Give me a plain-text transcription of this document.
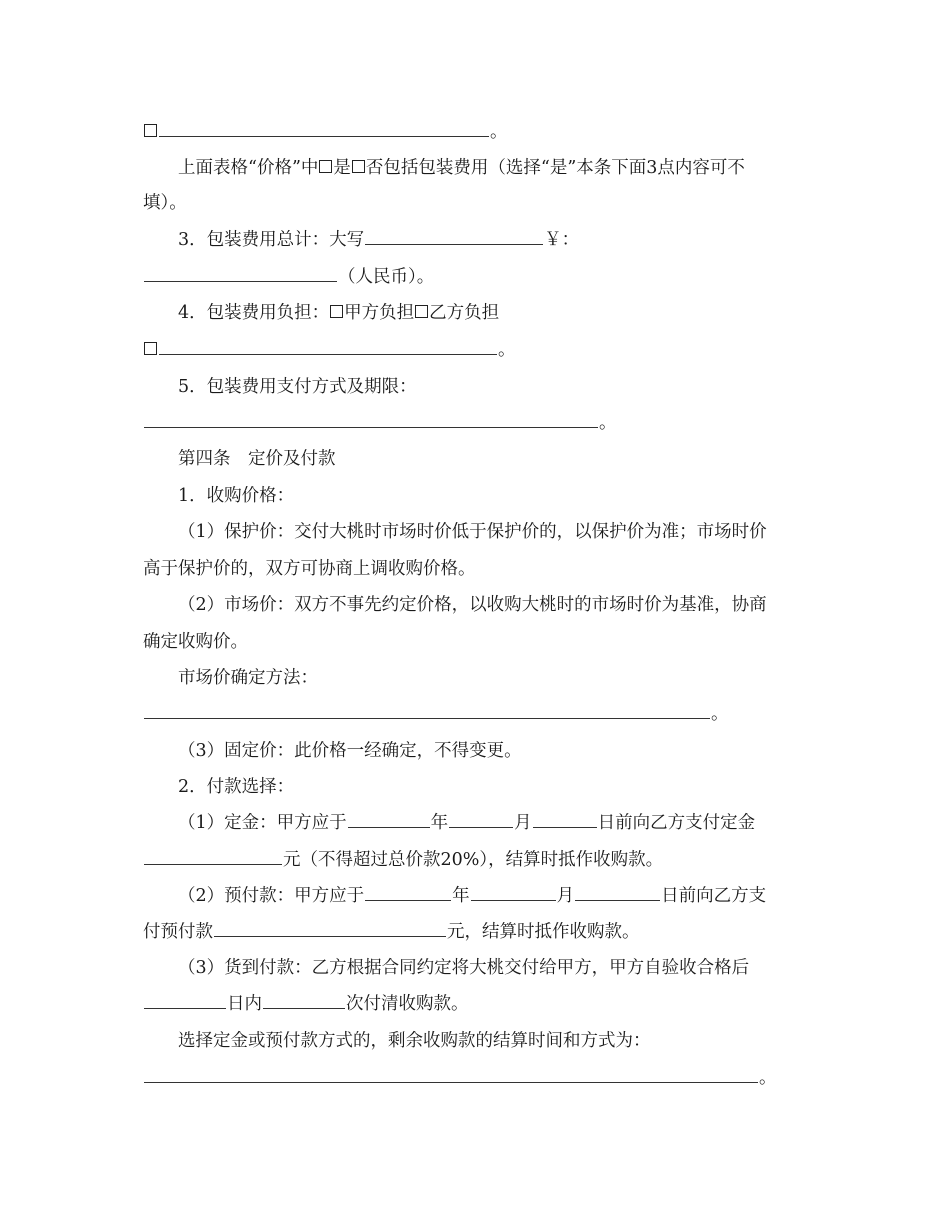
。
上面表格“价格”中 是 否包括包装费用（选择“是”本条下面3点内容可不
填）。
3．包装费用总计：大写	￥：
（人民币）。
4．包装费用负担： 甲方负担 乙方负担
。
5．包装费用支付方式及期限：
。
第四条　定价及付款
1．收购价格：
（1）保护价：交付大桃时市场时价低于保护价的，以保护价为准；市场时价
高于保护价的，双方可协商上调收购价格。
（2）市场价：双方不事先约定价格，以收购大桃时的市场时价为基准，协商
确定收购价。
市场价确定方法：
。
（3）固定价：此价格一经确定，不得变更。
2．付款选择：
（1）定金：甲方应于	年	月	日前向乙方支付定金
元（不得超过总价款20%），结算时抵作收购款。
（2）预付款：甲方应于	年	月	日前向乙方支
付预付款	元，结算时抵作收购款。
（3）货到付款：乙方根据合同约定将大桃交付给甲方，甲方自验收合格后
日内	次付清收购款。
选择定金或预付款方式的，剩余收购款的结算时间和方式为：
。
